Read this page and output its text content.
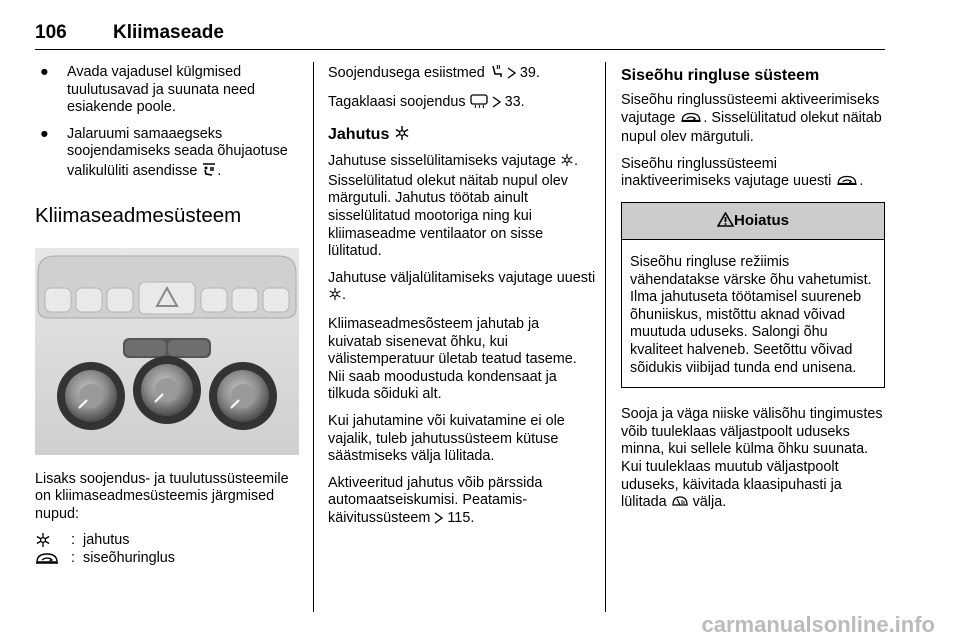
106 Kliimaseade
● Avada vajadusel külgmised tuulutusavad ja suunata need esiakende poole.
● Jalaruumi samaaegseks soojendamiseks seada õhujaotuse valikulüliti asendisse .
Kliimaseadmesüsteem

Lisaks soojendus- ja tuulutussüsteemile on kliimaseadmesüsteemis järgmised nupud:

: jahutus
: siseõhuringlus

Soojendusega esiistmed 39.

Tagaklaasi soojendus	33.

Jahutus

Jahutuse sisselülitamiseks vajutage . Sisselülitatud olekut näitab nupul olev märgutuli. Jahutus töötab ainult sisselülitatud mootoriga ning kui kliimaseadme ventilaator on sisse lülitatud.

Jahutuse väljalülitamiseks vajutage uuesti .

Kliimaseadmesõsteem jahutab ja kuivatab sisenevat õhku, kui välistemperatuur ületab teatud taseme. Nii saab moodustuda kondensaat ja tilkuda sõiduki alt.

Kui jahutamine või kuivatamine ei ole vajalik, tuleb jahutussüsteem kütuse säästmiseks välja lülitada.

Aktiveeritud jahutus võib pärssida automaatseiskumisi. Peatamis-käivitussüsteem 115.

Siseõhu ringluse süsteem

Siseõhu ringlussüsteemi aktiveerimiseks vajutage . Sisselülitatud olekut näitab nupul olev märgutuli.

Siseõhu ringlussüsteemi inaktiveerimiseks vajutage uuesti .

Hoiatus
Siseõhu ringluse režiimis vähendatakse värske õhu vahetumist. Ilma jahutuseta töötamisel suureneb õhuniiskus, mistõttu aknad võivad muutuda uduseks. Salongi õhu kvaliteet halveneb. Seetõttu võivad sõidukis viibijad tunda end unisena.

Sooja ja väga niiske välisõhu tingimustes võib tuuleklaas väljastpoolt uduseks minna, kui sellele külma õhku suunata. Kui tuuleklaas muutub väljastpoolt uduseks, käivitada klaasipuhasti ja lülitada välja.

carmanualsonline.info
